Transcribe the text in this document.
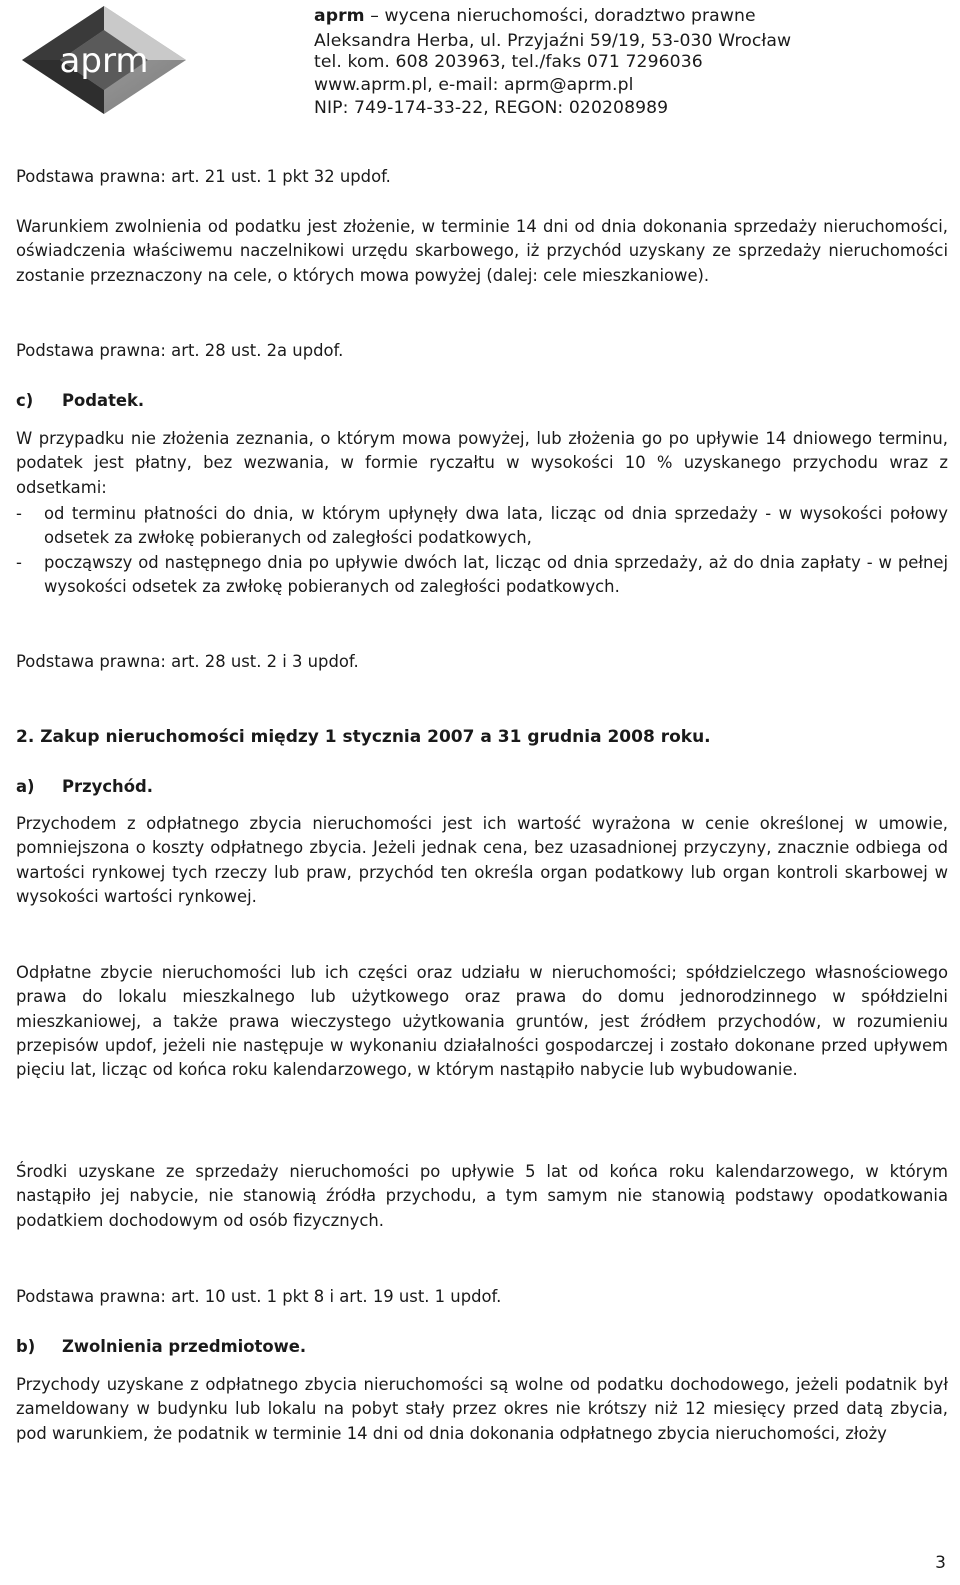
aprm

aprm – wycena nieruchomości, doradztwo prawne

Aleksandra Herba, ul. Przyjaźni 59/19, 53-030 Wrocław

tel. kom. 608 203963, tel./faks 071 7296036

www.aprm.pl, e-mail: aprm@aprm.pl

NIP: 749-174-33-22, REGON: 020208989

Podstawa prawna: art. 21 ust. 1 pkt 32 updof.

Warunkiem zwolnienia od podatku jest złożenie, w terminie 14 dni od dnia dokonania sprzedaży nieruchomości, oświadczenia właściwemu naczelnikowi urzędu skarbowego, iż przychód uzyskany ze sprzedaży nieruchomości zostanie przeznaczony na cele, o których mowa powyżej (dalej: cele mieszkaniowe).

Podstawa prawna: art. 28 ust. 2a updof.

c) Podatek.

W przypadku nie złożenia zeznania, o którym mowa powyżej, lub złożenia go po upływie 14 dniowego terminu, podatek jest płatny, bez wezwania, w formie ryczałtu w wysokości 10 % uzyskanego przychodu wraz z odsetkami:

- od terminu płatności do dnia, w którym upłynęły dwa lata, licząc od dnia sprzedaży - w wysokości połowy odsetek za zwłokę pobieranych od zaległości podatkowych,

- począwszy od następnego dnia po upływie dwóch lat, licząc od dnia sprzedaży, aż do dnia zapłaty - w pełnej wysokości odsetek za zwłokę pobieranych od zaległości podatkowych.

Podstawa prawna: art. 28 ust. 2 i 3 updof.

2. Zakup nieruchomości między 1 stycznia 2007 a 31 grudnia 2008 roku.

a) Przychód.

Przychodem z odpłatnego zbycia nieruchomości jest ich wartość wyrażona w cenie określonej w umowie, pomniejszona o koszty odpłatnego zbycia. Jeżeli jednak cena, bez uzasadnionej przyczyny, znacznie odbiega od wartości rynkowej tych rzeczy lub praw, przychód ten określa organ podatkowy lub organ kontroli skarbowej w wysokości wartości rynkowej.

Odpłatne zbycie nieruchomości lub ich części oraz udziału w nieruchomości; spółdzielczego własnościowego prawa do lokalu mieszkalnego lub użytkowego oraz prawa do domu jednorodzinnego w spółdzielni mieszkaniowej, a także prawa wieczystego użytkowania gruntów, jest źródłem przychodów, w rozumieniu przepisów updof, jeżeli nie następuje w wykonaniu działalności gospodarczej i zostało dokonane przed upływem pięciu lat, licząc od końca roku kalendarzowego, w którym nastąpiło nabycie lub wybudowanie.

Środki uzyskane ze sprzedaży nieruchomości po upływie 5 lat od końca roku kalendarzowego, w którym nastąpiło jej nabycie, nie stanowią źródła przychodu, a tym samym nie stanowią podstawy opodatkowania podatkiem dochodowym od osób fizycznych.

Podstawa prawna: art. 10 ust. 1 pkt 8 i art. 19 ust. 1 updof.

b) Zwolnienia przedmiotowe.

Przychody uzyskane z odpłatnego zbycia nieruchomości są wolne od podatku dochodowego, jeżeli podatnik był zameldowany w budynku lub lokalu na pobyt stały przez okres nie krótszy niż 12 miesięcy przed datą zbycia, pod warunkiem, że podatnik w terminie 14 dni od dnia dokonania odpłatnego zbycia nieruchomości, złoży

3
